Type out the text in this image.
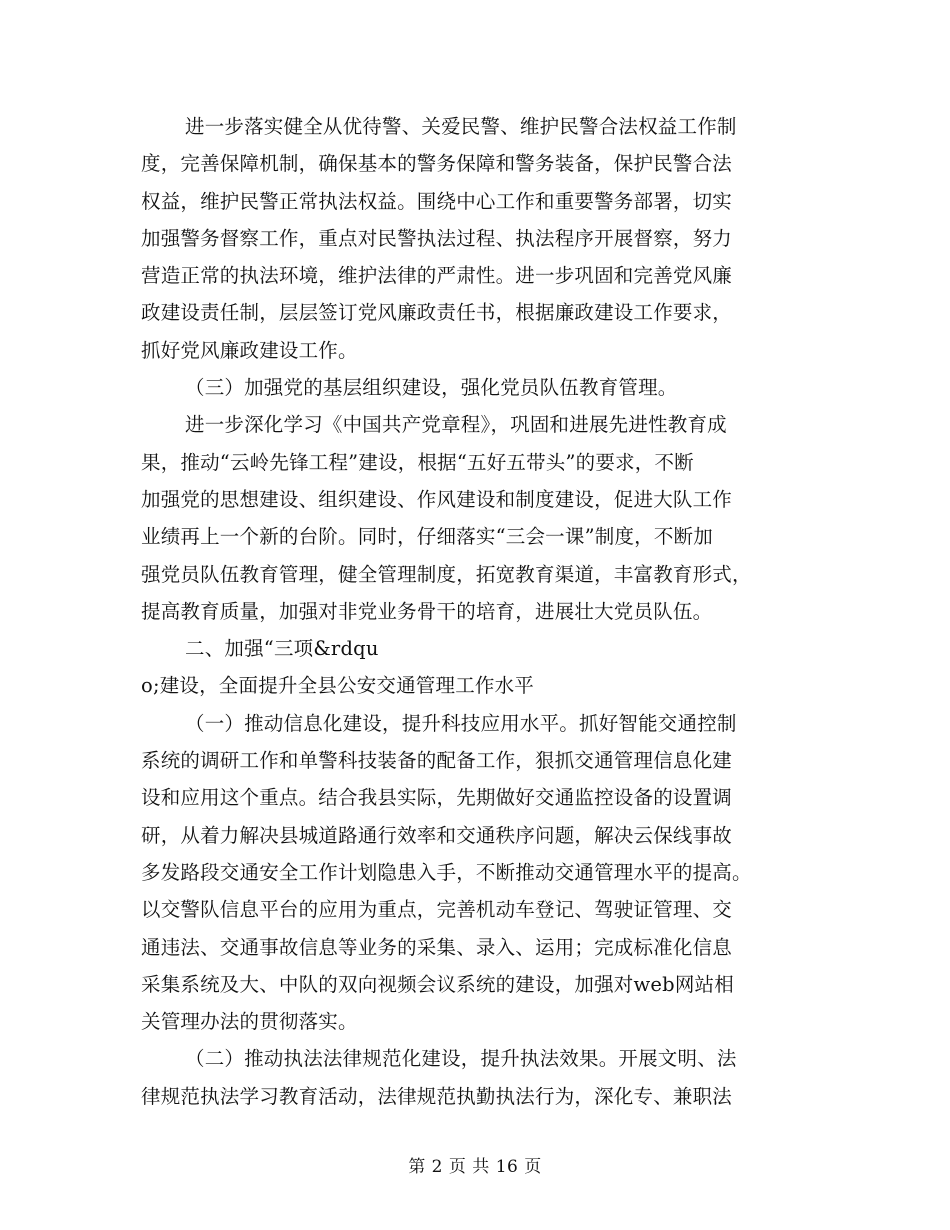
进一步落实健全从优待警、关爱民警、维护民警合法权益工作制
度，完善保障机制，确保基本的警务保障和警务装备，保护民警合法
权益，维护民警正常执法权益。围绕中心工作和重要警务部署，切实
加强警务督察工作，重点对民警执法过程、执法程序开展督察，努力
营造正常的执法环境，维护法律的严肃性。进一步巩固和完善党风廉
政建设责任制，层层签订党风廉政责任书，根据廉政建设工作要求，
抓好党风廉政建设工作。
（三）加强党的基层组织建设，强化党员队伍教育管理。
进一步深化学习《中国共产党章程》，巩固和进展先进性教育成
果，推动“云岭先锋工程”建设，根据“五好五带头”的要求，不断
加强党的思想建设、组织建设、作风建设和制度建设，促进大队工作
业绩再上一个新的台阶。同时，仔细落实“三会一课”制度，不断加
强党员队伍教育管理，健全管理制度，拓宽教育渠道，丰富教育形式，
提高教育质量，加强对非党业务骨干的培育，进展壮大党员队伍。
二、加强“三项&rdqu
o;建设，全面提升全县公安交通管理工作水平
（一）推动信息化建设，提升科技应用水平。抓好智能交通控制
系统的调研工作和单警科技装备的配备工作，狠抓交通管理信息化建
设和应用这个重点。结合我县实际，先期做好交通监控设备的设置调
研，从着力解决县城道路通行效率和交通秩序问题，解决云保线事故
多发路段交通安全工作计划隐患入手，不断推动交通管理水平的提高。
以交警队信息平台的应用为重点，完善机动车登记、驾驶证管理、交
通违法、交通事故信息等业务的采集、录入、运用；完成标准化信息
采集系统及大、中队的双向视频会议系统的建设，加强对web网站相
关管理办法的贯彻落实。
（二）推动执法法律规范化建设，提升执法效果。开展文明、法
律规范执法学习教育活动，法律规范执勤执法行为，深化专、兼职法
第 2 页 共 16 页
